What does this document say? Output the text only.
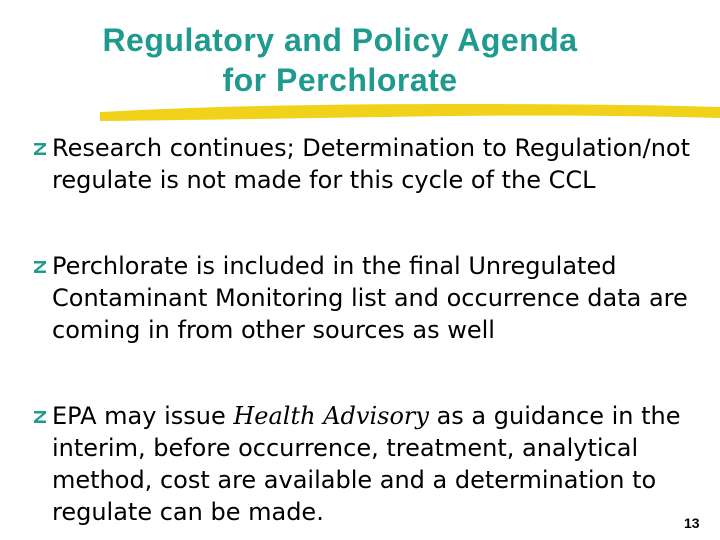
Regulatory and Policy Agenda
for Perchlorate
Research continues; Determination to Regulation/not regulate is not made for this cycle of the CCL
Perchlorate is included in the final Unregulated Contaminant Monitoring list and occurrence data are coming in from other sources as well
EPA may issue Health Advisory as a guidance in the interim, before occurrence, treatment, analytical method, cost are available and a determination to regulate can be made.	13
